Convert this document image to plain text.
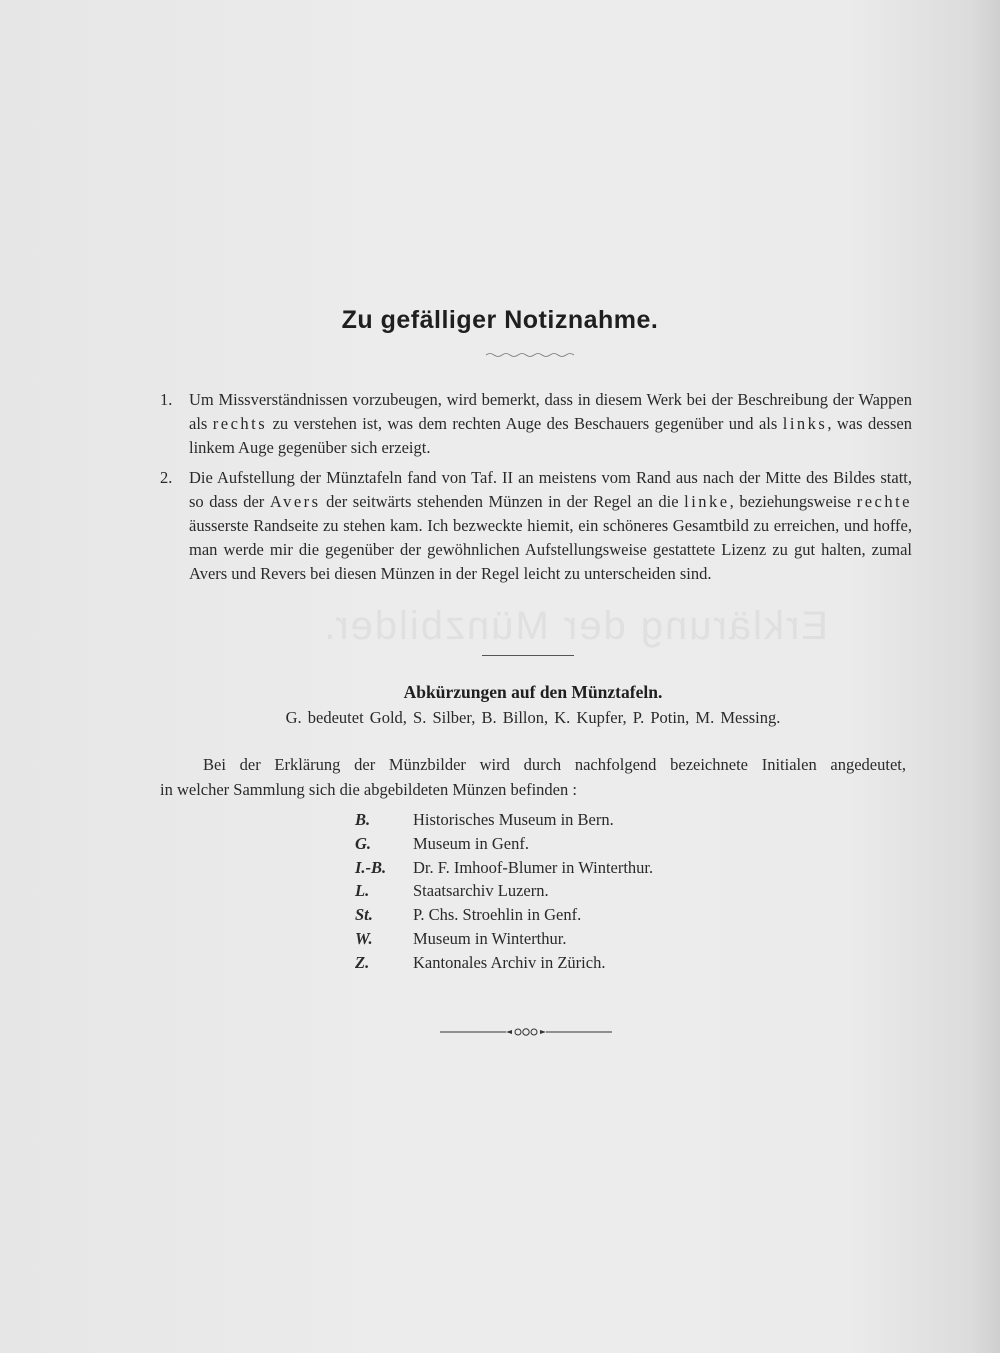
Erklärung der Münzbilder.
Zu gefälliger Notiznahme.
1. Um Missverständnissen vorzubeugen, wird bemerkt, dass in diesem Werk bei der Beschreibung der Wappen als rechts zu verstehen ist, was dem rechten Auge des Beschauers gegenüber und als links, was dessen linkem Auge gegenüber sich erzeigt.
2. Die Aufstellung der Münztafeln fand von Taf. II an meistens vom Rand aus nach der Mitte des Bildes statt, so dass der Avers der seitwärts stehenden Münzen in der Regel an die linke, beziehungsweise rechte äusserste Randseite zu stehen kam. Ich bezweckte hiemit, ein schöneres Gesamtbild zu erreichen, und hoffe, man werde mir die gegenüber der gewöhnlichen Aufstellungsweise gestattete Lizenz zu gut halten, zumal Avers und Revers bei diesen Münzen in der Regel leicht zu unterscheiden sind.
Abkürzungen auf den Münztafeln.
G. bedeutet Gold, S. Silber, B. Billon, K. Kupfer, P. Potin, M. Messing.
Bei der Erklärung der Münzbilder wird durch nachfolgend bezeichnete Initialen angedeutet,
in welcher Sammlung sich die abgebildeten Münzen befinden :
B.	Historisches Museum in Bern.
G.	Museum in Genf.
I.-B.	Dr. F. Imhoof-Blumer in Winterthur.
L.	Staatsarchiv Luzern.
St.	P. Chs. Stroehlin in Genf.
W.	Museum in Winterthur.
Z.	Kantonales Archiv in Zürich.
